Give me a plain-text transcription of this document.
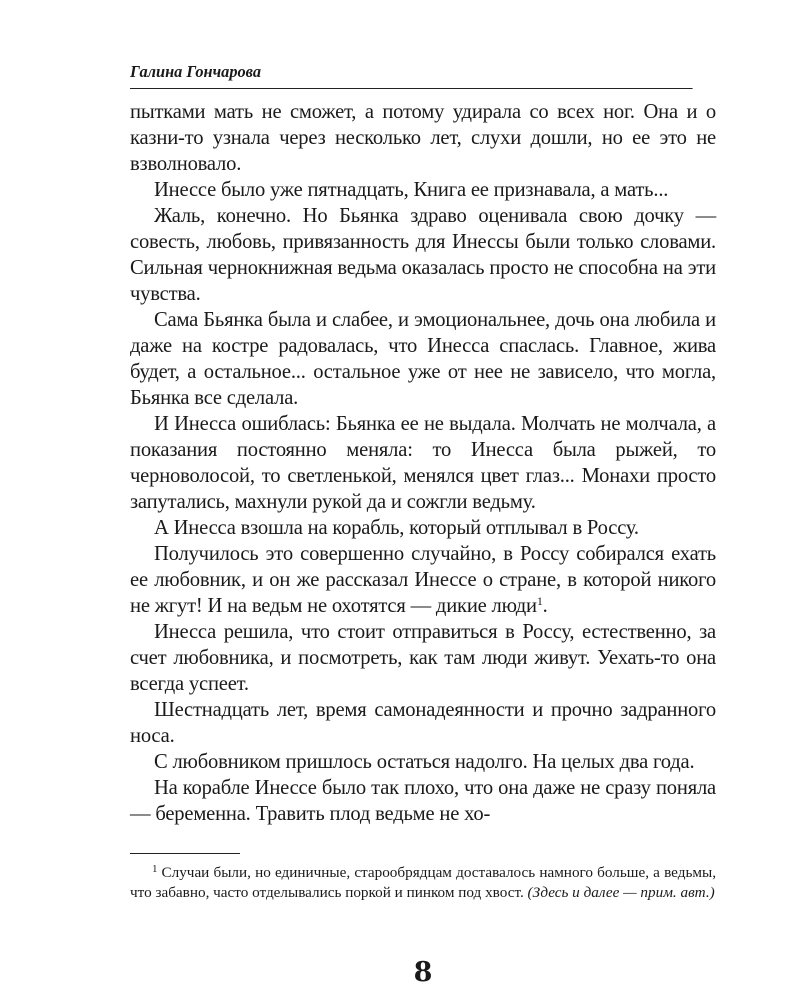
Галина Гончарова

пытками мать не сможет, а потому удирала со всех ног. Она и о казни-то узнала через несколько лет, слухи дошли, но ее это не взволновало.

Инессе было уже пятнадцать, Книга ее признавала, а мать...

Жаль, конечно. Но Бьянка здраво оценивала свою дочку — совесть, любовь, привязанность для Инессы были только словами. Сильная чернокнижная ведьма оказалась просто не способна на эти чувства.

Сама Бьянка была и слабее, и эмоциональнее, дочь она любила и даже на костре радовалась, что Инесса спаслась. Главное, жива будет, а остальное... остальное уже от нее не зависело, что могла, Бьянка все сделала.

И Инесса ошиблась: Бьянка ее не выдала. Молчать не молчала, а показания постоянно меняла: то Инесса была рыжей, то черноволосой, то светленькой, менялся цвет глаз... Монахи просто запутались, махнули рукой да и сожгли ведьму.

А Инесса взошла на корабль, который отплывал в Россу.

Получилось это совершенно случайно, в Россу собирался ехать ее любовник, и он же рассказал Инессе о стране, в которой никого не жгут! И на ведьм не охотятся — дикие люди$^1$.

Инесса решила, что стоит отправиться в Россу, естественно, за счет любовника, и посмотреть, как там люди живут. Уехать-то она всегда успеет.

Шестнадцать лет, время самонадеянности и прочно задранного носа.

С любовником пришлось остаться надолго. На целых два года.

На корабле Инессе было так плохо, что она даже не сразу поняла — беременна. Травить плод ведьме не хо-

$^1$ Случаи были, но единичные, старообрядцам доставалось намного больше, а ведьмы, что забавно, часто отделывались поркой и пинком под хвост. (Здесь и далее — прим. авт.)
8
